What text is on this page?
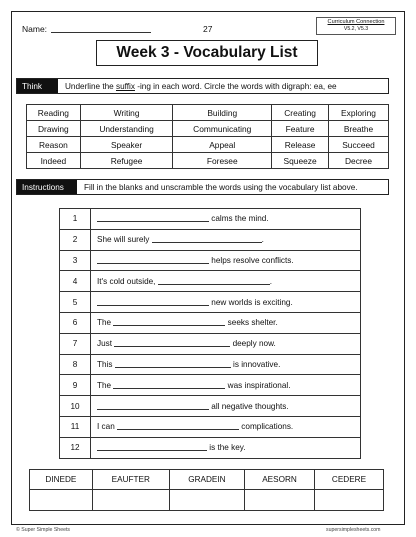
Name:	27
Curriculum Connection
V5.2, V5.3
Week 3 - Vocabulary List
Think	Underline the suffix -ing in each word. Circle the words with digraph: ea, ee
Reading	Writing	Building	Creating	Exploring
Drawing	Understanding	Communicating	Feature	Breathe
Reason	Speaker	Appeal	Release	Succeed
Indeed	Refugee	Foresee	Squeeze	Decree
Instructions	Fill in the blanks and unscramble the words using the vocabulary list above.
1	calms the mind.
2	She will surely .
3	helps resolve conflicts.
4	It's cold outside, .
5	new worlds is exciting.
6	The seeks shelter.
7	Just deeply now.
8	This is innovative.
9	The was inspirational.
10	all negative thoughts.
11	I can complications.
12	is the key.
DINEDE	EAUFTER	GRADEIN	AESORN	CEDERE

© Super Simple Sheets	supersimplesheets.com
